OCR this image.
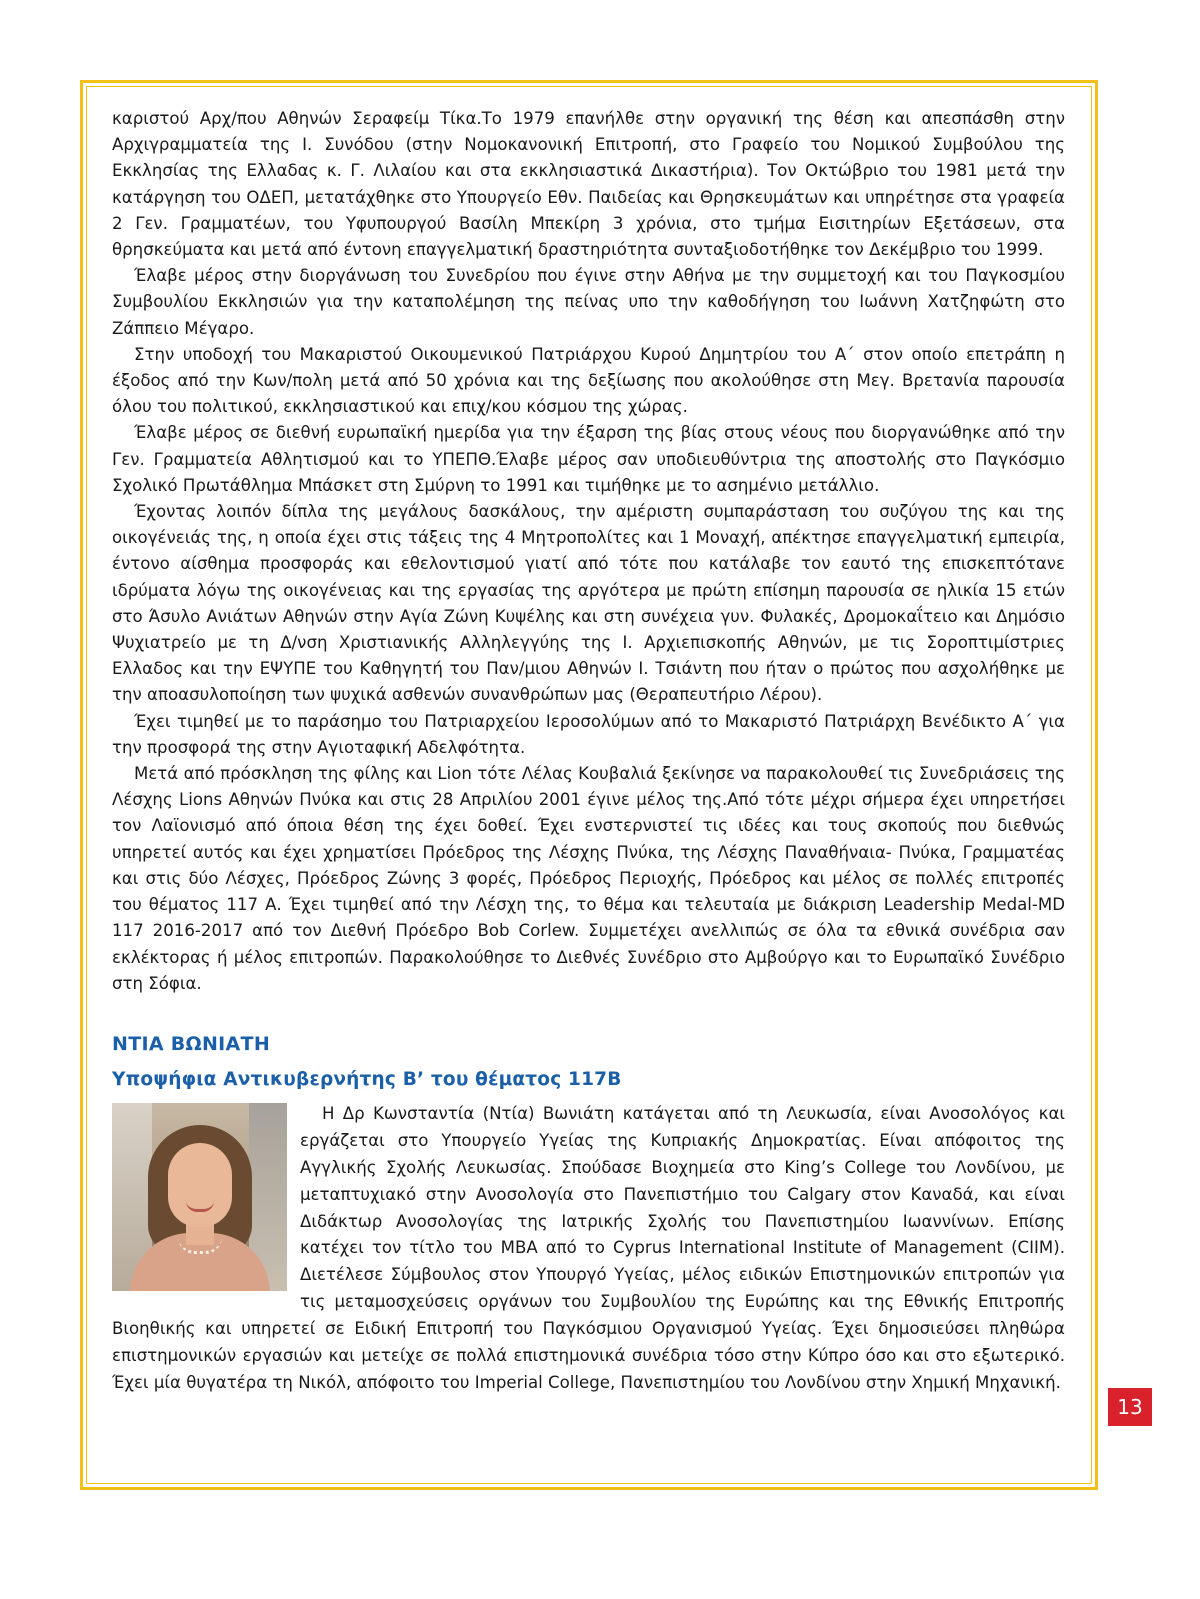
καριστού Αρχ/που Αθηνών Σεραφείμ Τίκα.Το 1979 επανήλθε στην οργανική της θέση και απεσπάσθη στην Αρχιγραμματεία της Ι. Συνόδου (στην Νομοκανονική Επιτροπή, στο Γραφείο του Νομικού Συμβούλου της Εκκλησίας της Ελλαδας κ. Γ. Λιλαίου και στα εκκλησιαστικά Δικαστήρια). Τον Οκτώβριο του 1981 μετά την κατάργηση του ΟΔΕΠ, μετατάχθηκε στο Υπουργείο Εθν. Παιδείας και Θρησκευμάτων και υπηρέτησε στα γραφεία 2 Γεν. Γραμματέων, του Υφυπουργού Βασίλη Μπεκίρη 3 χρόνια, στο τμήμα Εισιτηρίων Εξετάσεων, στα θρησκεύματα και μετά από έντονη επαγγελματική δραστηριότητα συνταξιοδοτήθηκε τον Δεκέμβριο του 1999.

Έλαβε μέρος στην διοργάνωση του Συνεδρίου που έγινε στην Αθήνα με την συμμετοχή και του Παγκοσμίου Συμβουλίου Εκκλησιών για την καταπολέμηση της πείνας υπο την καθοδήγηση του Ιωάννη Χατζηφώτη στο Ζάππειο Μέγαρο.

Στην υποδοχή του Μακαριστού Οικουμενικού Πατριάρχου Κυρού Δημητρίου του Α΄ στον οποίο επετράπη η έξοδος από την Κων/πολη μετά από 50 χρόνια και της δεξίωσης που ακολούθησε στη Μεγ. Βρετανία παρουσία όλου του πολιτικού, εκκλησιαστικού και επιχ/κου κόσμου της χώρας.

Έλαβε μέρος σε διεθνή ευρωπαϊκή ημερίδα για την έξαρση της βίας στους νέους που διοργανώθηκε από την Γεν. Γραμματεία Αθλητισμού και το ΥΠΕΠΘ.Έλαβε μέρος σαν υποδιευθύντρια της αποστολής στο Παγκόσμιο Σχολικό Πρωτάθλημα Μπάσκετ στη Σμύρνη το 1991 και τιμήθηκε με το ασημένιο μετάλλιο.

Έχοντας λοιπόν δίπλα της μεγάλους δασκάλους, την αμέριστη συμπαράσταση του συζύγου της και της οικογένειάς της, η οποία έχει στις τάξεις της 4 Μητροπολίτες και 1 Μοναχή, απέκτησε επαγγελματική εμπειρία, έντονο αίσθημα προσφοράς και εθελοντισμού γιατί από τότε που κατάλαβε τον εαυτό της επισκεπτότανε ιδρύματα λόγω της οικογένειας και της εργασίας της αργότερα με πρώτη επίσημη παρουσία σε ηλικία 15 ετών στο Άσυλο Ανιάτων Αθηνών στην Αγία Ζώνη Κυψέλης και στη συνέχεια γυν. Φυλακές, Δρομοκαΐτειο και Δημόσιο Ψυχιατρείο με τη Δ/νση Χριστιανικής Αλληλεγγύης της Ι. Αρχιεπισκοπής Αθηνών, με τις Σοροπτιμίστριες Ελλαδος και την ΕΨΥΠΕ του Καθηγητή του Παν/μιου Αθηνών Ι. Τσιάντη που ήταν ο πρώτος που ασχολήθηκε με την αποασυλοποίηση των ψυχικά ασθενών συνανθρώπων μας (Θεραπευτήριο Λέρου).

Έχει τιμηθεί με το παράσημο του Πατριαρχείου Ιεροσολύμων από το Μακαριστό Πατριάρχη Βενέδικτο Α΄ για την προσφορά της στην Αγιοταφική Αδελφότητα.

Μετά από πρόσκληση της φίλης και Lion τότε Λέλας Κουβαλιά ξεκίνησε να παρακολουθεί τις Συνεδριάσεις της Λέσχης Lions Αθηνών Πνύκα και στις 28 Απριλίου 2001 έγινε μέλος της.Από τότε μέχρι σήμερα έχει υπηρετήσει τον Λαϊονισμό από όποια θέση της έχει δοθεί. Έχει ενστερνιστεί τις ιδέες και τους σκοπούς που διεθνώς υπηρετεί αυτός και έχει χρηματίσει Πρόεδρος της Λέσχης Πνύκα, της Λέσχης Παναθήναια- Πνύκα, Γραμματέας και στις δύο Λέσχες, Πρόεδρος Ζώνης 3 φορές, Πρόεδρος Περιοχής, Πρόεδρος και μέλος σε πολλές επιτροπές του θέματος 117 Α. Έχει τιμηθεί από την Λέσχη της, το θέμα και τελευταία με διάκριση Leadership Medal-MD 117 2016-2017 από τον Διεθνή Πρόεδρο Bob Corlew. Συμμετέχει ανελλιπώς σε όλα τα εθνικά συνέδρια σαν εκλέκτορας ή μέλος επιτροπών. Παρακολούθησε το Διεθνές Συνέδριο στο Αμβούργο και το Ευρωπαϊκό Συνέδριο στη Σόφια.

ΝΤΙΑ ΒΩΝΙΑΤΗ
Υποψήφια Αντικυβερνήτης Β’ του θέματος 117Β

Η Δρ Κωνσταντία (Ντία) Βωνιάτη κατάγεται από τη Λευκωσία, είναι Ανοσολόγος και εργάζεται στο Υπουργείο Υγείας της Κυπριακής Δημοκρατίας. Είναι απόφοιτος της Αγγλικής Σχολής Λευκωσίας. Σπούδασε Βιοχημεία στο King’s College του Λονδίνου, με μεταπτυχιακό στην Ανοσολογία στο Πανεπιστήμιο του Calgary στον Καναδά, και είναι Διδάκτωρ Ανοσολογίας της Ιατρικής Σχολής του Πανεπιστημίου Ιωαννίνων. Επίσης κατέχει τον τίτλο του MBA από το Cyprus International Institute of Management (CIIM). Διετέλεσε Σύμβουλος στον Υπουργό Υγείας, μέλος ειδικών Επιστημονικών επιτροπών για τις μεταμοσχεύσεις οργάνων του Συμβουλίου της Ευρώπης και της Εθνικής Επιτροπής Βιοηθικής και υπηρετεί σε Ειδική Επιτροπή του Παγκόσμιου Οργανισμού Υγείας. Έχει δημοσιεύσει πληθώρα επιστημονικών εργασιών και μετείχε σε πολλά επιστημονικά συνέδρια τόσο στην Κύπρο όσο και στο εξωτερικό. Έχει μία θυγατέρα τη Νικόλ, απόφοιτο του Imperial College, Πανεπιστημίου του Λονδίνου στην Χημική Μηχανική.

13
